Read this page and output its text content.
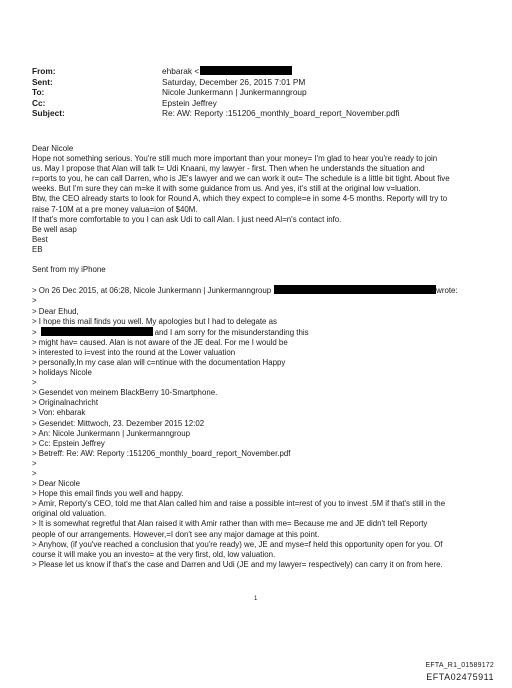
From:	ehbarak <
Sent:	Saturday, December 26, 2015 7:01 PM
To:	Nicole Junkermann | Junkermanngroup
Cc:	Epstein Jeffrey
Subject:	Re: AW: Reporty :151206_monthly_board_report_November.pdfi

Dear Nicole

Hope not something serious. You're still much more important than your money= I'm glad to hear you're ready to join

us. May I propose that Alan will talk t= Udi Knaani, my lawyer - first. Then when he understands the situation and

r=ports to you, he can call Darren, who is JE's lawyer and we can work it out= The schedule is a little bit tight. About five

weeks. But I'm sure they can m=ke it with some guidance from us. And yes, it's still at the original low v=luation.

Btw, the CEO already starts to look for Round A, which they expect to comple=e in some 4-5 months. Reporty will try to

raise 7-10M at a pre money valua=ion of $40M.

If that's more comfortable to you I can ask Udi to call Alan. I just need Al=n's contact info.

Be well asap

Best

EB

Sent from my iPhone

> On 26 Dec 2015, at 06:28, Nicole Junkermann | Junkermanngroup	wrote:

>

> Dear Ehud,

> I hope this mail finds you well. My apologies but I had to delegate as

>	and I am sorry for the misunderstanding this

> might hav= caused. Alan is not aware of the JE deal. For me I would be

> interested to i=vest into the round at the Lower valuation

> personally,In my case alan will c=ntinue with the documentation Happy

> holidays Nicole

>

> Gesendet von meinem BlackBerry 10-Smartphone.

> Originalnachricht

> Von: ehbarak

> Gesendet: Mittwoch, 23. Dezember 2015 12:02

> An: Nicole Junkermann | Junkermanngroup

> Cc: Epstein Jeffrey

> Betreff: Re: AW: Reporty :151206_monthly_board_report_November.pdf

>

>

> Dear Nicole

> Hope this email finds you well and happy.

> Amir, Reporty's CEO, told me that Alan called him and raise a possible int=rest of you to invest .5M if that's still in the

original old valuation.

> It is somewhat regretful that Alan raised it with Amir rather than with me= Because me and JE didn't tell Reporty

people of our arrangements. However,=I don't see any major damage at this point.

> Anyhow, (if you've reached a conclusion that you're ready) we, JE and myse=f held this opportunity open for you. Of

course it will make you an investo= at the very first, old, low valuation.

> Please let us know if that's the case and Darren and Udi (JE and my lawyer= respectively) can carry it on from here.

1
EFTA_R1_01589172
EFTA02475911
